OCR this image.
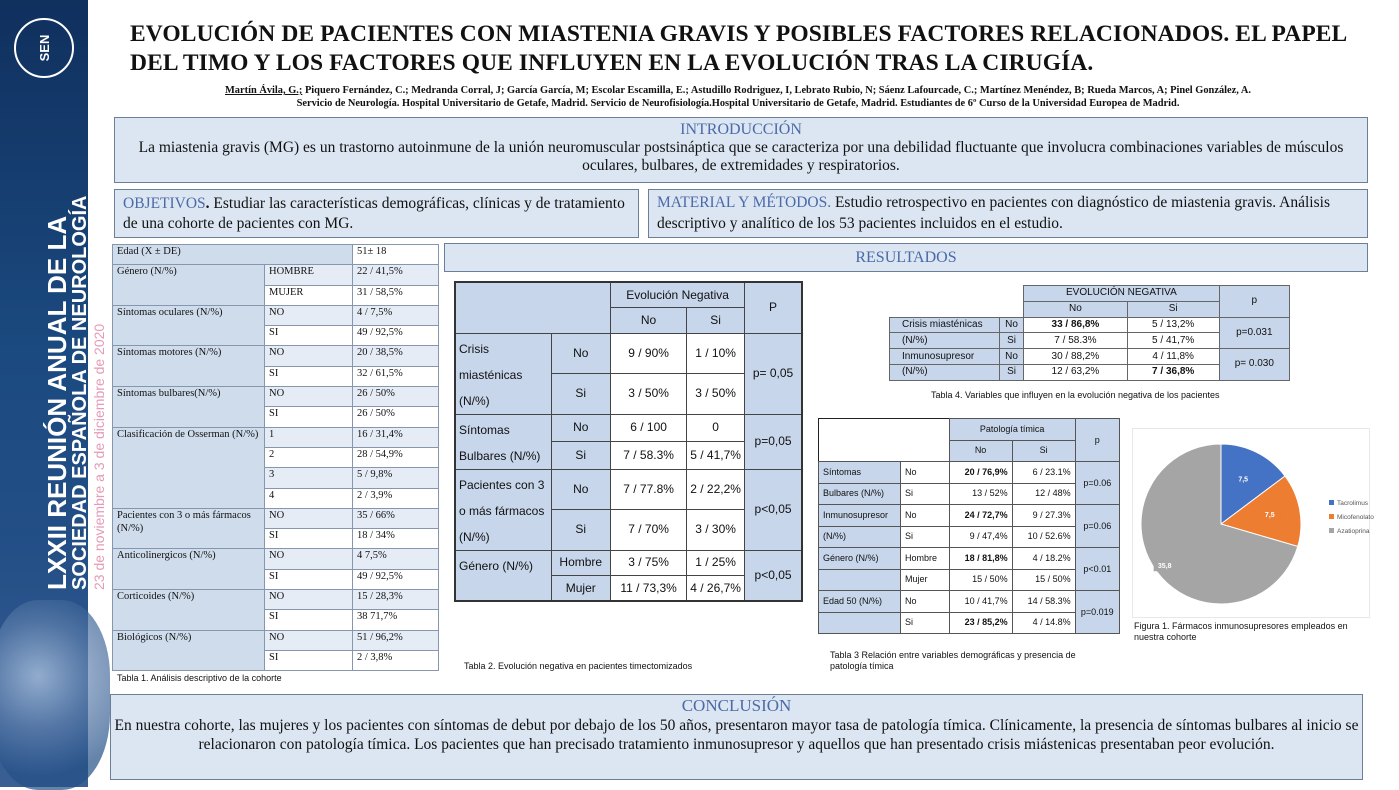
SEN
LXXII REUNIÓN ANUAL DE LA
SOCIEDAD ESPAÑOLA DE NEUROLOGÍA 23 de noviembre a 3 de diciembre de 2020
EVOLUCIÓN DE PACIENTES CON MIASTENIA GRAVIS Y POSIBLES FACTORES RELACIONADOS. EL PAPEL DEL TIMO Y LOS FACTORES QUE INFLUYEN EN LA EVOLUCIÓN TRAS LA CIRUGÍA.
Martín Ávila, G.; Piquero Fernández, C.; Medranda Corral, J; García García, M; Escolar Escamilla, E.; Astudillo Rodriguez, I, Lebrato Rubio, N; Sáenz Lafourcade, C.; Martínez Menéndez, B; Rueda Marcos, A; Pinel González, A.
Servicio de Neurología. Hospital Universitario de Getafe, Madrid. Servicio de Neurofisiología.Hospital Universitario de Getafe, Madrid. Estudiantes de 6º Curso de la Universidad Europea de Madrid.
INTRODUCCIÓN

La miastenia gravis (MG) es un trastorno autoinmune de la unión neuromuscular postsináptica que se caracteriza por una debilidad fluctuante que involucra combinaciones variables de músculos oculares, bulbares, de extremidades y respiratorios.

OBJETIVOS. Estudiar las características demográficas, clínicas y de tratamiento de una cohorte de pacientes con MG.
MATERIAL Y MÉTODOS. Estudio retrospectivo en pacientes con diagnóstico de miastenia gravis. Análisis descriptivo y analítico de los 53 pacientes incluidos en el estudio.
RESULTADOS
Edad (X ± DE)		51± 18
Género (N/%)	HOMBRE	22 / 41,5%
	MUJER	31 / 58,5%
Síntomas oculares (N/%)	NO	4 / 7,5%
	SI	49 / 92,5%
Síntomas motores (N/%)	NO	20 / 38,5%
	SI	32 / 61,5%
Síntomas bulbares(N/%)	NO	26 / 50%
	SI	26 / 50%
Clasificación de Osserman (N/%)	1	16 / 31,4%
	2	28 / 54,9%
	3	5 / 9,8%
	4	2 / 3,9%
Pacientes con 3 o más fármacos (N/%)	NO	35 / 66%
	SI	18 / 34%
Anticolinergicos (N/%)	NO	4 7,5%
	SI	49 / 92,5%
Corticoides (N/%)	NO	15 / 28,3%
	SI	38 71,7%
Biológicos (N/%)	NO	51 / 96,2%
	SI	2 / 3,8%
Tabla 1. Análisis descriptivo de la cohorte
		Evolución Negativa		P
		No	Si	
Crisis miasténicas (N/%)	No	9 / 90%	1 / 10%	p= 0,05
	Si	3 / 50%	3 / 50%	
Síntomas Bulbares (N/%)	No	6 / 100	0	p=0,05
	Si	7 / 58.3%	5 / 41,7%	
Pacientes con 3 o más fármacos (N/%)	No	7 / 77.8%	2 / 22,2%	p<0,05
	Si	7 / 70%	3 / 30%	
Género (N/%)	Hombre	3 / 75%	1 / 25%	p<0,05
	Mujer	11 / 73,3%	4 / 26,7%	
Tabla 2. Evolución negativa en pacientes timectomizados
		EVOLUCIÓN NEGATIVA		p
		No	Si	
Crisis miasténicas	No	33 / 86,8%	5 / 13,2%	p=0.031
(N/%)	Si	7 / 58.3%	5 / 41,7%	
Inmunosupresor	No	30 / 88,2%	4 / 11,8%	p= 0.030
(N/%)	Si	12 / 63,2%	7 / 36,8%	
Tabla 4. Variables que influyen en la evolución negativa de los pacientes
		Patología tímica		p
		No	Si	
Síntomas	No	20 / 76,9%	6 / 23.1%	p=0.06
Bulbares (N/%)	Si	13 / 52%	12 / 48%	
Inmunosupresor	No	24 / 72,7%	9 / 27.3%	p=0.06
(N/%)	Si	9 / 47,4%	10 / 52.6%	
Género (N/%)	Hombre	18 / 81,8%	4 / 18.2%	p<0.01
	Mujer	15 / 50%	15 / 50%	
Edad 50 (N/%)	No	10 / 41,7%	14 / 58.3%	p=0.019
	Si	23 / 85,2%	4 / 14.8%	
Tabla 3 Relación entre variables demográficas y presencia de patología tímica
7,5
7,5
35,8
Tacrolimus
Micofenolato
Azatioprina
Figura 1. Fármacos inmunosupresores empleados en nuestra cohorte
CONCLUSIÓN

En nuestra cohorte, las mujeres y los pacientes con síntomas de debut por debajo de los 50 años, presentaron mayor tasa de patología tímica. Clínicamente, la presencia de síntomas bulbares al inicio se relacionaron con patología tímica. Los pacientes que han precisado tratamiento inmunosupresor y aquellos que han presentado crisis miástenicas presentaban peor evolución.
